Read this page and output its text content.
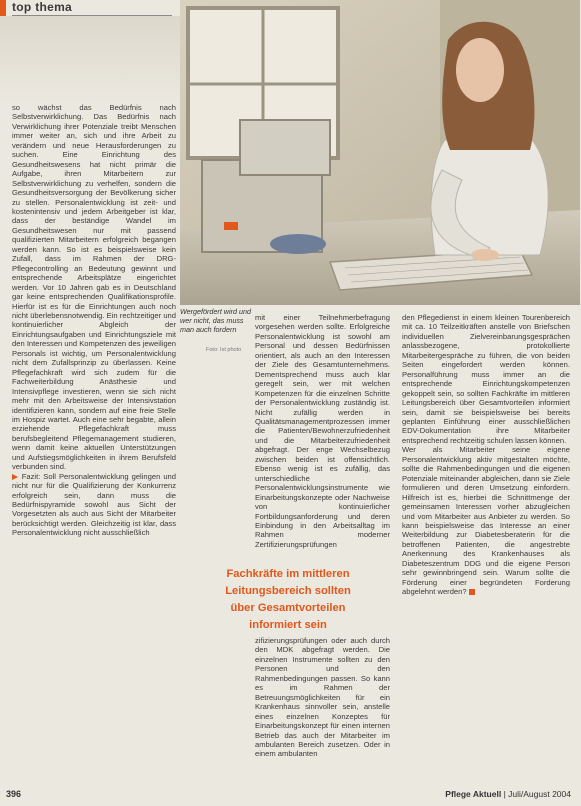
top thema
Wergefördert wird und wer nicht, das muss man auch fordern
Foto: Ist photo

so wächst das Bedürfnis nach Selbstverwirklichung. Das Bedürfnis nach Verwirklichung ihrer Potenziale treibt Menschen immer weiter an, sich und ihre Arbeit zu verändern und neue Herausforderungen zu suchen. Eine Einrichtung des Gesundheitswesens hat nicht primär die Aufgabe, ihren Mitarbeitern zur Selbstverwirklichung zu verhelfen, sondern die Gesundheitsversorgung der Bevölkerung sicher zu stellen. Personalentwicklung ist zeit- und kostenintensiv und jedem Arbeitgeber ist klar, dass der beständige Wandel im Gesundheitswesen nur mit passend qualifizierten Mitarbeitern erfolgreich begangen werden kann. So ist es beispielsweise kein Zufall, dass im Rahmen der DRG-Pflegecontrolling an Bedeutung gewinnt und entsprechende Arbeitsplätze eingerichtet werden. Vor 10 Jahren gab es in Deutschland gar keine entsprechenden Qualifikationsprofile. Hierfür ist es für die Einrichtungen auch noch nicht überlebensnotwendig. Ein rechtzeitiger und kontinuierlicher Abgleich der Einrichtungsaufgaben und Einrichtungsziele mit den Interessen und Kompetenzen des jeweiligen Personals ist wichtig, um Personalentwicklung nicht dem Zufallsprinzip zu überlassen. Keine Pflegefachkraft wird sich zudem für die Fachweiterbildung Anästhesie und Intensivpflege investieren, wenn sie sich nicht mehr mit den Arbeitsweise der Intensivstation identifizieren kann, sondern auf eine freie Stelle im Hospiz wartet. Auch eine sehr begabte, allein erziehende Pflegefachkraft muss berufsbegleitend Pflegemanagement studieren, wenn damit keine aktuellen Unterstützungen und Aufstiegsmöglichkeiten in ihrem Berufsfeld verbunden sind.

▶ Fazit: Soll Personalentwicklung gelingen und nicht nur für die Qualifizierung der Konkurrenz erfolgreich sein, dann muss die Bedürfnispyramide sowohl aus Sicht der Vorgesetzten als auch aus Sicht der Mitarbeiter berücksichtigt werden. Gleichzeitig ist klar, dass Personalentwicklung nicht ausschließlich

mit einer Teilnehmerbefragung vorgesehen werden sollte. Erfolgreiche Personalentwicklung ist sowohl am Personal und dessen Bedürfnissen orientiert, als auch an den Interessen der Ziele des Gesamtunternehmens. Dementsprechend muss auch klar geregelt sein, wer mit welchen Kompetenzen für die einzelnen Schritte der Personalentwicklung zuständig ist. Nicht zufällig werden in Qualitätsmanagementprozessen immer die Patienten/Bewohnerzufriedenheit und die Mitarbeiterzufriedenheit abgefragt. Der enge Wechselbezug zwischen beiden ist offensichtlich. Ebenso wenig ist es zufällig, das unterschiedliche Personalentwicklungsinstrumente wie Einarbeitungskonzepte oder Nachweise von kontinuierlicher Fortbildungsanforderung und deren Einbindung in den Arbeitsalltag im Rahmen moderner Zertifizierungsprüfungen

Fachkräfte im mittleren
Leitungsbereich sollten
über Gesamtvorteilen
informiert sein

zifizierungsprüfungen oder auch durch den MDK abgefragt werden. Die einzelnen Instrumente sollten zu den Personen und den Rahmenbedingungen passen. So kann es im Rahmen der Betreuungsmöglichkeiten für ein Krankenhaus sinnvoller sein, anstelle eines einzelnen Konzeptes für Einarbeitungskonzept für einen internen Betrieb das auch der Mitarbeiter im ambulanten Bereich zusetzen. Oder in einem ambulanten

den Pflegedienst in einem kleinen Tourenbereich mit ca. 10 Teilzeitkräften anstelle von Briefschen individuellen Zielvereinbarungsgesprächen anlassbezogene, protokollierte Mitarbeitergespräche zu führen, die von beiden Seiten eingefordert werden können. Personalführung muss immer an die entsprechende Einrichtungskompetenzen gekoppelt sein, so sollten Fachkräfte im mittleren Leitungsbereich über Gesamtvorteilen informiert sein, damit sie beispielsweise bei bereits geplanten Einführung einer ausschließlichen EDV-Dokumentation ihre Mitarbeiter entsprechend rechtzeitig schulen lassen können.

Wer als Mitarbeiter seine eigene Personalentwicklung aktiv mitgestalten möchte, sollte die Rahmenbedingungen und die eigenen Potenziale miteinander abgleichen, dann sie Ziele formulieren und deren Umsetzung einfordern. Hilfreich ist es, hierbei die Schnittmenge der gemeinsamen Interessen vorher abzugleichen und vom Mitarbeiter aus Anbieter zu werden. So kann beispielsweise das Interesse an einer Weiterbildung zur Diabetesberaterin für die betroffenen Patienten, die angestrebte Anerkennung des Krankenhauses als Diabeteszentrum DDG und die eigene Person sehr gewinnbringend sein. Warum sollte die Förderung einer begründeten Forderung abgelehnt werden?

396	Pflege Aktuell | Juli/August 2004
